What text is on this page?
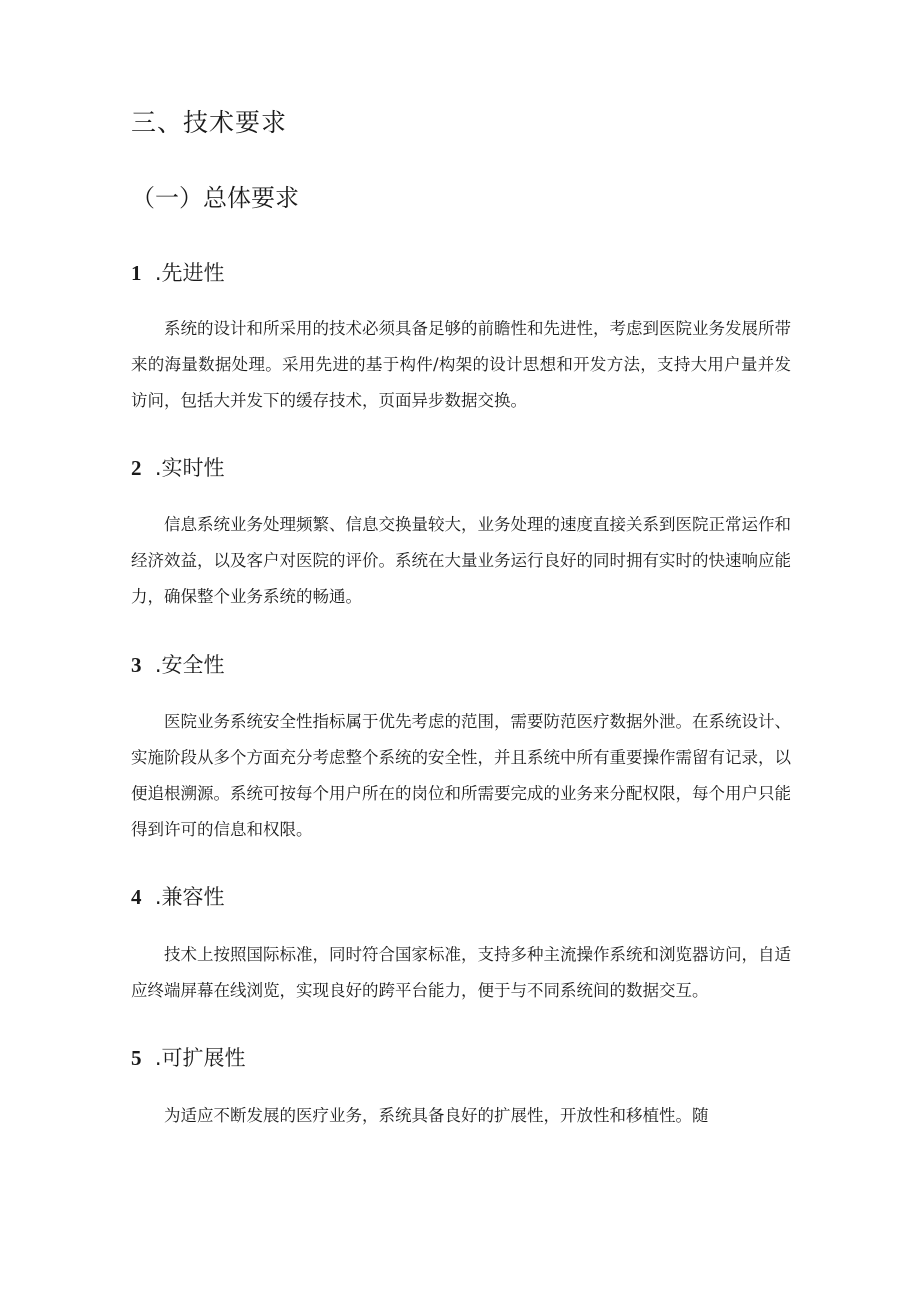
三、技术要求
（一）总体要求
1 .先进性
系统的设计和所采用的技术必须具备足够的前瞻性和先进性，考虑到医院业务发展所带来的海量数据处理。采用先进的基于构件/构架的设计思想和开发方法，支持大用户量并发访问，包括大并发下的缓存技术，页面异步数据交换。
2 .实时性
信息系统业务处理频繁、信息交换量较大，业务处理的速度直接关系到医院正常运作和经济效益，以及客户对医院的评价。系统在大量业务运行良好的同时拥有实时的快速响应能力，确保整个业务系统的畅通。
3 .安全性
医院业务系统安全性指标属于优先考虑的范围，需要防范医疗数据外泄。在系统设计、实施阶段从多个方面充分考虑整个系统的安全性，并且系统中所有重要操作需留有记录，以便追根溯源。系统可按每个用户所在的岗位和所需要完成的业务来分配权限，每个用户只能得到许可的信息和权限。
4 .兼容性
技术上按照国际标准，同时符合国家标准，支持多种主流操作系统和浏览器访问，自适应终端屏幕在线浏览，实现良好的跨平台能力，便于与不同系统间的数据交互。
5 .可扩展性
为适应不断发展的医疗业务，系统具备良好的扩展性，开放性和移植性。随
